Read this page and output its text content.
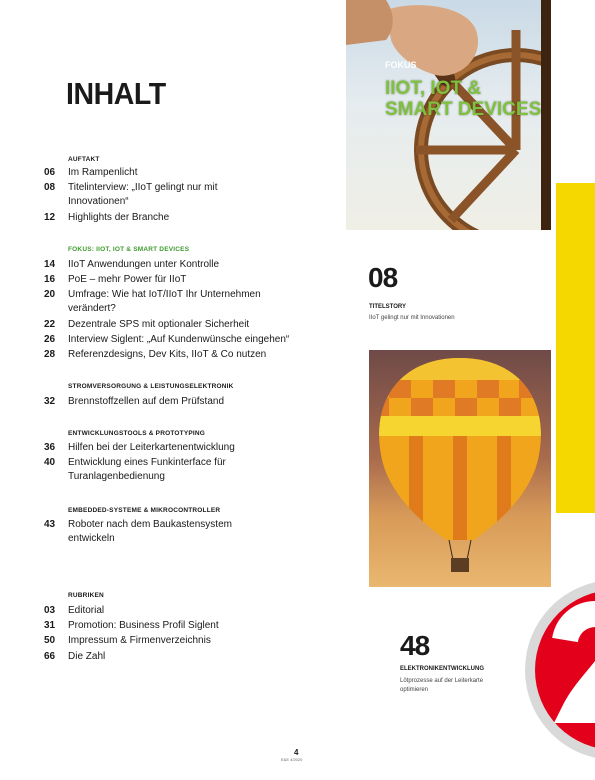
INHALT
AUFTAKT
06	Im Rampenlicht
08	Titelinterview: „IIoT gelingt nur mit Innovationen“
12	Highlights der Branche
FOKUS: IIOT, IOT & SMART DEVICES
14	IIoT Anwendungen unter Kontrolle
16	PoE – mehr Power für IIoT
20	Umfrage: Wie hat IoT/IIoT Ihr Unternehmen verändert?
22	Dezentrale SPS mit optionaler Sicherheit
26	Interview Siglent: „Auf Kundenwünsche eingehen“
28	Referenzdesigns, Dev Kits, IIoT & Co nutzen
STROMVERSORGUNG & LEISTUNGSELEKTRONIK
32	Brennstoffzellen auf dem Prüfstand
ENTWICKLUNGSTOOLS & PROTOTYPING
36	Hilfen bei der Leiterkartenentwicklung
40	Entwicklung eines Funkinterface für Turanlagenbedienung
EMBEDDED-SYSTEME & MIKROCONTROLLER
43	Roboter nach dem Baukastensystem entwickeln
RUBRIKEN
03	Editorial
31	Promotion: Business Profil Siglent
50	Impressum & Firmenverzeichnis
66	Die Zahl
FOKUS
IIOT, IOT &
SMART DEVICES
08
TITELSTORY
IIoT gelingt nur mit Innovationen
48
ELEKTRONIKENTWICKLUNG
Lötprozesse auf der Leiterkarte
optimieren
4
E&E 4/2020
